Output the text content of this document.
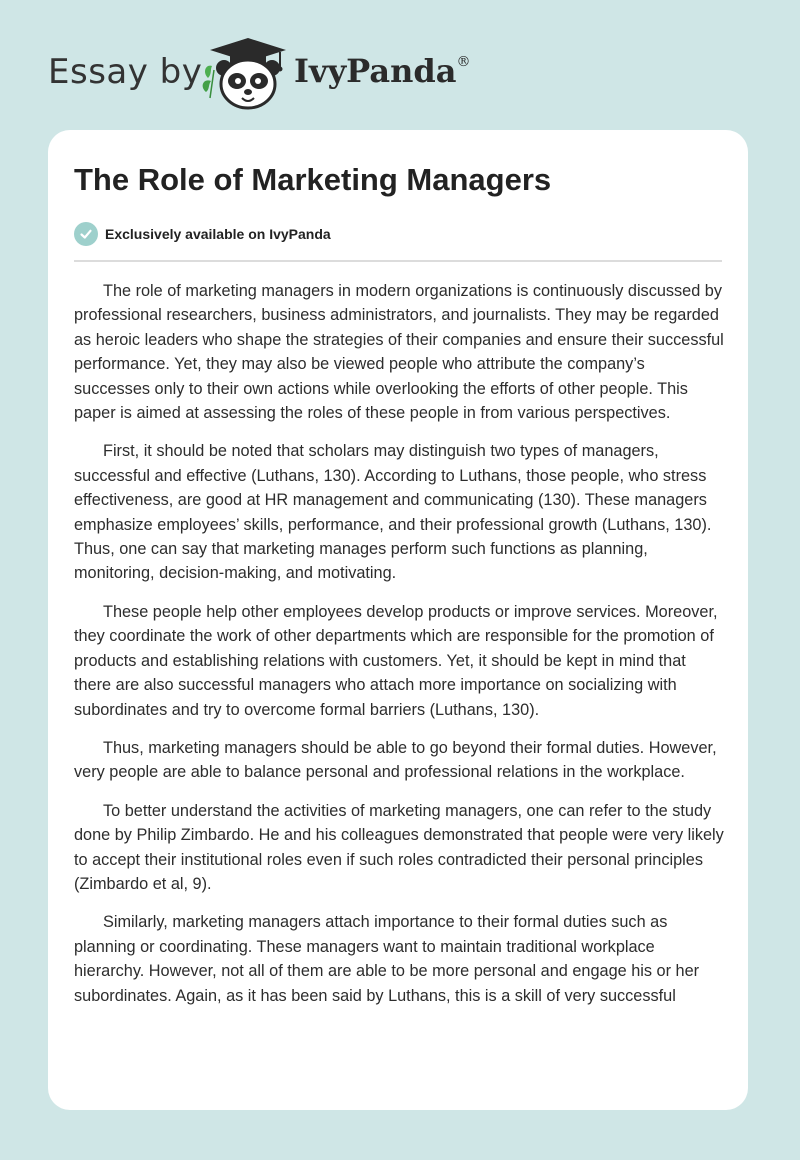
Essay by	IvyPanda®
The Role of Marketing Managers
Exclusively available on IvyPanda

The role of marketing managers in modern organizations is continuously discussed by professional researchers, business administrators, and journalists. They may be regarded as heroic leaders who shape the strategies of their companies and ensure their successful performance. Yet, they may also be viewed people who attribute the company’s successes only to their own actions while overlooking the efforts of other people. This paper is aimed at assessing the roles of these people in from various perspectives.

First, it should be noted that scholars may distinguish two types of managers, successful and effective (Luthans, 130). According to Luthans, those people, who stress effectiveness, are good at HR management and communicating (130). These managers emphasize employees’ skills, performance, and their professional growth (Luthans, 130). Thus, one can say that marketing manages perform such functions as planning, monitoring, decision-making, and motivating.

These people help other employees develop products or improve services. Moreover, they coordinate the work of other departments which are responsible for the promotion of products and establishing relations with customers. Yet, it should be kept in mind that there are also successful managers who attach more importance on socializing with subordinates and try to overcome formal barriers (Luthans, 130).

Thus, marketing managers should be able to go beyond their formal duties. However, very people are able to balance personal and professional relations in the workplace.

To better understand the activities of marketing managers, one can refer to the study done by Philip Zimbardo. He and his colleagues demonstrated that people were very likely to accept their institutional roles even if such roles contradicted their personal principles (Zimbardo et al, 9).

Similarly, marketing managers attach importance to their formal duties such as planning or coordinating. These managers want to maintain traditional workplace hierarchy. However, not all of them are able to be more personal and engage his or her subordinates. Again, as it has been said by Luthans, this is a skill of very successful
